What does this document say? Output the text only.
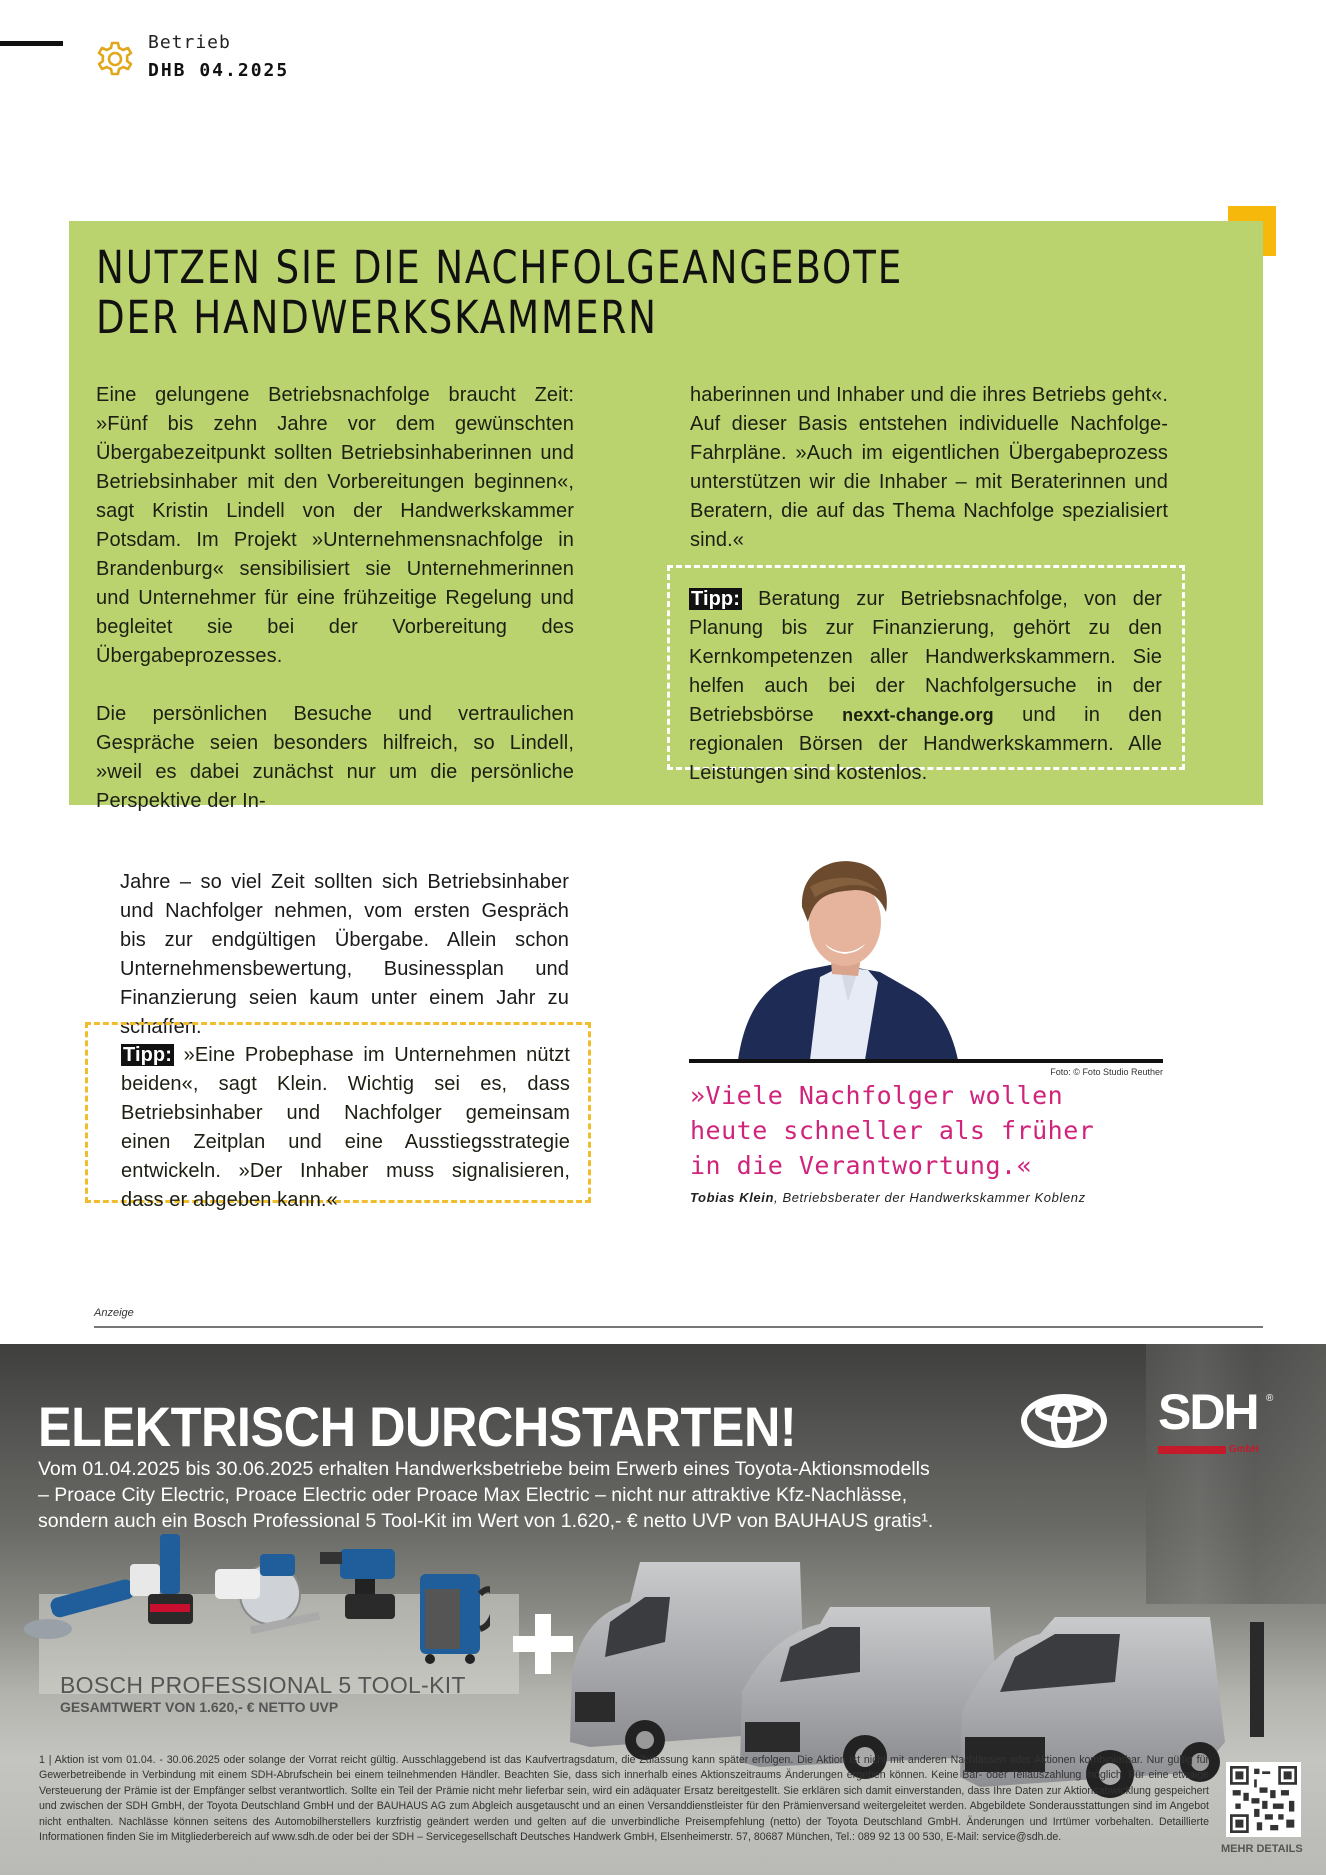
Betrieb
DHB 04.2025
NUTZEN SIE DIE NACHFOLGEANGEBOTE
DER HANDWERKSKAMMERN

Eine gelungene Betriebsnachfolge braucht Zeit: »Fünf bis zehn Jahre vor dem gewünschten Übergabezeitpunkt sollten Betriebsinhaberinnen und Betriebsinhaber mit den Vorbereitungen beginnen«, sagt Kristin Lindell von der Handwerkskammer Potsdam. Im Projekt »Unternehmensnachfolge in Brandenburg« sensibilisiert sie Unternehmerinnen und Unternehmer für eine frühzeitige Regelung und begleitet sie bei der Vorbereitung des Übergabeprozesses.

Die persönlichen Besuche und vertraulichen Gespräche seien besonders hilfreich, so Lindell, »weil es dabei zunächst nur um die persönliche Perspektive der In-

haberinnen und Inhaber und die ihres Betriebs geht«. Auf dieser Basis entstehen individuelle Nachfolge-Fahrpläne. »Auch im eigentlichen Übergabeprozess unterstützen wir die Inhaber – mit Beraterinnen und Beratern, die auf das Thema Nachfolge spezialisiert sind.«

Tipp: Beratung zur Betriebsnachfolge, von der Planung bis zur Finanzierung, gehört zu den Kernkompetenzen aller Handwerkskammern. Sie helfen auch bei der Nachfolgersuche in der Betriebsbörse nexxt-change.org und in den regionalen Börsen der Handwerkskammern. Alle Leistungen sind kostenlos.
Jahre – so viel Zeit sollten sich Betriebsinhaber und Nachfolger nehmen, vom ersten Gespräch bis zur endgültigen Übergabe. Allein schon Unternehmensbewertung, Businessplan und Finanzierung seien kaum unter einem Jahr zu schaffen.
Tipp: »Eine Probephase im Unternehmen nützt beiden«, sagt Klein. Wichtig sei es, dass Betriebsinhaber und Nachfolger gemeinsam einen Zeitplan und eine Ausstiegsstrategie entwickeln. »Der Inhaber muss signalisieren, dass er abgeben kann.«
Foto: © Foto Studio Reuther
»Viele Nachfolger wollen
heute schneller als früher
in die Verantwortung.«
Tobias Klein, Betriebsberater der Handwerkskammer Koblenz
Anzeige
ELEKTRISCH DURCHSTARTEN!
Vom 01.04.2025 bis 30.06.2025 erhalten Handwerksbetriebe beim Erwerb eines Toyota-Aktionsmodells – Proace City Electric, Proace Electric oder Proace Max Electric – nicht nur attraktive Kfz-Nachlässe, sondern auch ein Bosch Professional 5 Tool-Kit im Wert von 1.620,- € netto UVP von BAUHAUS gratis¹.
SDH ®
GmbH
BOSCH PROFESSIONAL 5 TOOL-KIT
GESAMTWERT VON 1.620,- € NETTO UVP
1 | Aktion ist vom 01.04. - 30.06.2025 oder solange der Vorrat reicht gültig. Ausschlaggebend ist das Kaufvertragsdatum, die Zulassung kann später erfolgen. Die Aktion ist nicht mit anderen Nachlässen oder Aktionen kombinierbar. Nur gültig für Gewerbetreibende in Verbindung mit einem SDH-Abrufschein bei einem teilnehmenden Händler. Beachten Sie, dass sich innerhalb eines Aktionszeitraums Änderungen ergeben können. Keine Bar- oder Teilauszahlung möglich. Für eine etwaige Versteuerung der Prämie ist der Empfänger selbst verantwortlich. Sollte ein Teil der Prämie nicht mehr lieferbar sein, wird ein adäquater Ersatz bereitgestellt. Sie erklären sich damit einverstanden, dass Ihre Daten zur Aktionsabwicklung gespeichert und zwischen der SDH GmbH, der Toyota Deutschland GmbH und der BAUHAUS AG zum Abgleich ausgetauscht und an einen Versanddienstleister für den Prämienversand weitergeleitet werden. Abgebildete Sonderausstattungen sind im Angebot nicht enthalten. Nachlässe können seitens des Automobilherstellers kurzfristig geändert werden und gelten auf die unverbindliche Preisempfehlung (netto) der Toyota Deutschland GmbH. Änderungen und Irrtümer vorbehalten. Detaillierte Informationen finden Sie im Mitgliederbereich auf www.sdh.de oder bei der SDH – Servicegesellschaft Deutsches Handwerk GmbH, Elsenheimerstr. 57, 80687 München, Tel.: 089 92 13 00 530, E-Mail: service@sdh.de.
MEHR DETAILS
